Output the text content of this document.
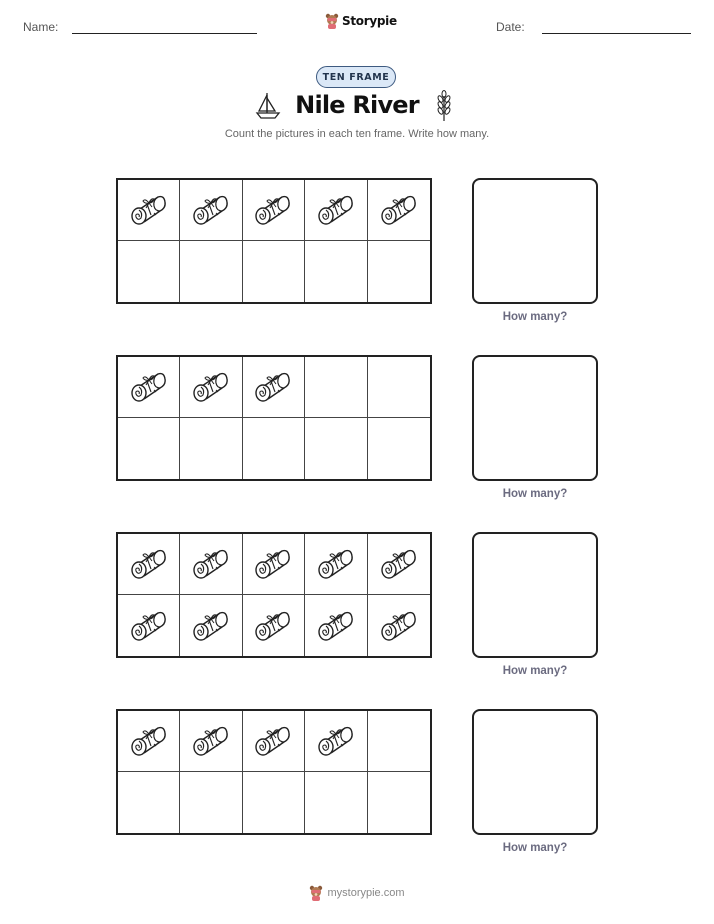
Name:	Storypie	Date:
TEN FRAME
Nile River
Count the pictures in each ten frame. Write how many.
How many?
How many?
How many?
How many?
mystorypie.com
